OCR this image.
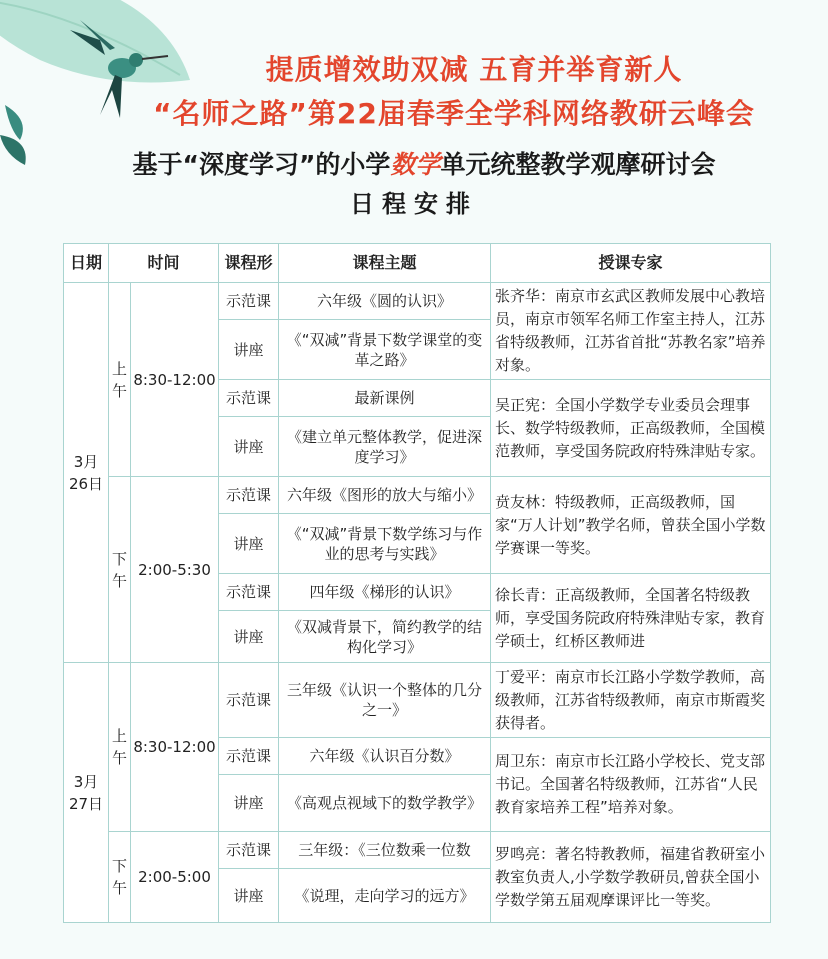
提质增效助双减 五育并举育新人
“名师之路”第22届春季全学科网络教研云峰会
基于“深度学习”的小学数学单元统整教学观摩研讨会
日程安排
日期	时间		课程形	课程主题	授课专家
3月26日	上午	8:30-12:00	示范课	六年级《圆的认识》	张齐华：南京市玄武区教师发展中心教培员，南京市领军名师工作室主持人，江苏省特级教师，江苏省首批“苏教名家”培养对象。
			讲座	《“双减”背景下数学课堂的变革之路》	
			示范课	最新课例	吴正宪：全国小学数学专业委员会理事长、数学特级教师，正高级教师，全国模范教师，享受国务院政府特殊津贴专家。
			讲座	《建立单元整体教学，促进深度学习》	
	下午	2:00-5:30	示范课	六年级《图形的放大与缩小》	贲友林：特级教师，正高级教师，国家“万人计划”教学名师，曾获全国小学数学赛课一等奖。
			讲座	《“双减”背景下数学练习与作业的思考与实践》	
			示范课	四年级《梯形的认识》	徐长青：正高级教师，全国著名特级教师，享受国务院政府特殊津贴专家，教育学硕士，红桥区教师进
			讲座	《双减背景下，简约教学的结构化学习》	
3月27日	上午	8:30-12:00	示范课	三年级《认识一个整体的几分之一》	丁爱平：南京市长江路小学数学教师，高级教师，江苏省特级教师，南京市斯霞奖获得者。
			示范课	六年级《认识百分数》	周卫东：南京市长江路小学校长、党支部书记。全国著名特级教师，江苏省“人民教育家培养工程”培养对象。
			讲座	《高观点视域下的数学教学》	
	下午	2:00-5:00	示范课	三年级：《三位数乘一位数	罗鸣亮：著名特教教师，福建省教研室小教室负责人,小学数学教研员,曾获全国小学数学第五届观摩课评比一等奖。
			讲座	《说理，走向学习的远方》	
